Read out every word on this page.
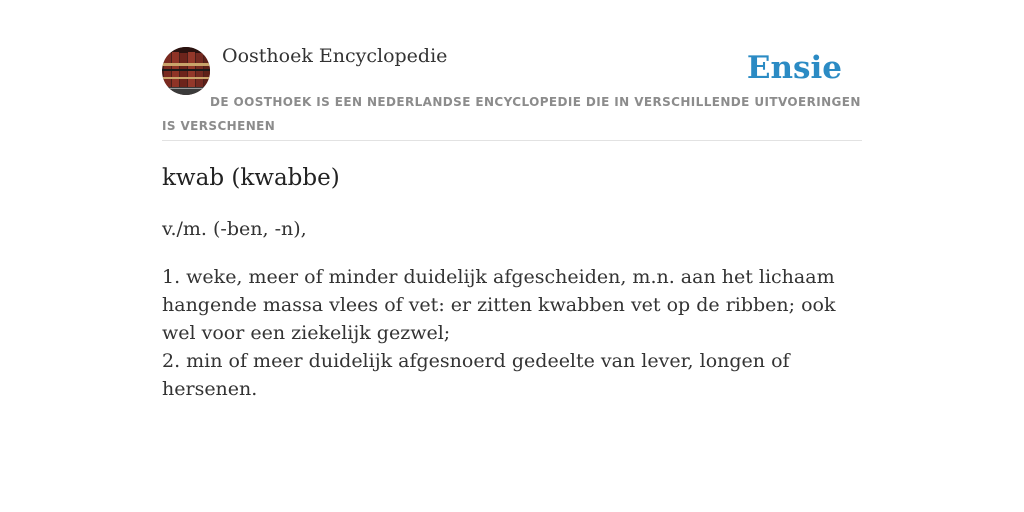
Oosthoek Encyclopedie	Ensie
DE OOSTHOEK IS EEN NEDERLANDSE ENCYCLOPEDIE DIE IN VERSCHILLENDE UITVOERINGEN IS VERSCHENEN
kwab (kwabbe)
v./m. (-ben, -n),

1. weke, meer of minder duidelijk afgescheiden, m.n. aan het lichaam hangende massa vlees of vet: er zitten kwabben vet op de ribben; ook wel voor een ziekelijk gezwel;

2. min of meer duidelijk afgesnoerd gedeelte van lever, longen of hersenen.
